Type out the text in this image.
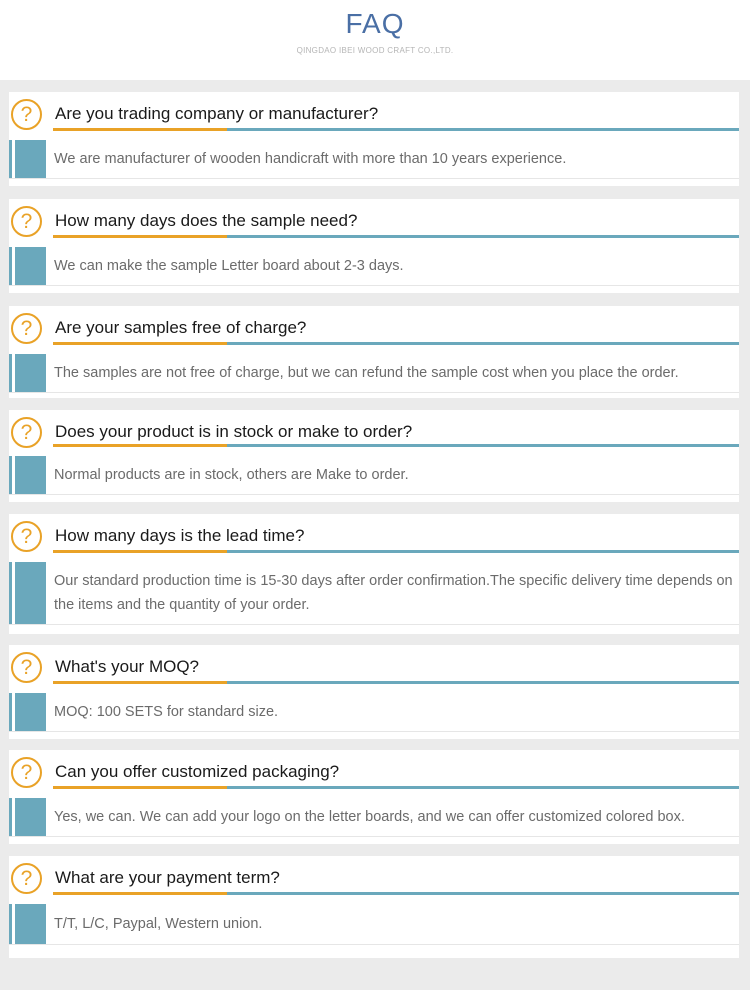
FAQ
QINGDAO IBEI WOOD CRAFT CO.,LTD.
?	Are you trading company or manufacturer?
We are manufacturer of wooden handicraft with more than 10 years experience.
?	How many days does the sample need?
We can make the sample Letter board about 2-3 days.
?	Are your samples free of charge?
The samples are not free of charge, but we can refund the sample cost when you place the order.
?	Does your product is in stock or make to order?
Normal products are in stock, others are Make to order.
?	How many days is the lead time?
Our standard production time is 15-30 days after order confirmation.The specific delivery time depends on the items and the quantity of your order.
?	What's your MOQ?
MOQ: 100 SETS for standard size.
?	Can you offer customized packaging?
Yes, we can. We can add your logo on the letter boards, and we can offer customized colored box.
?	What are your payment term?
T/T, L/C, Paypal, Western union.
